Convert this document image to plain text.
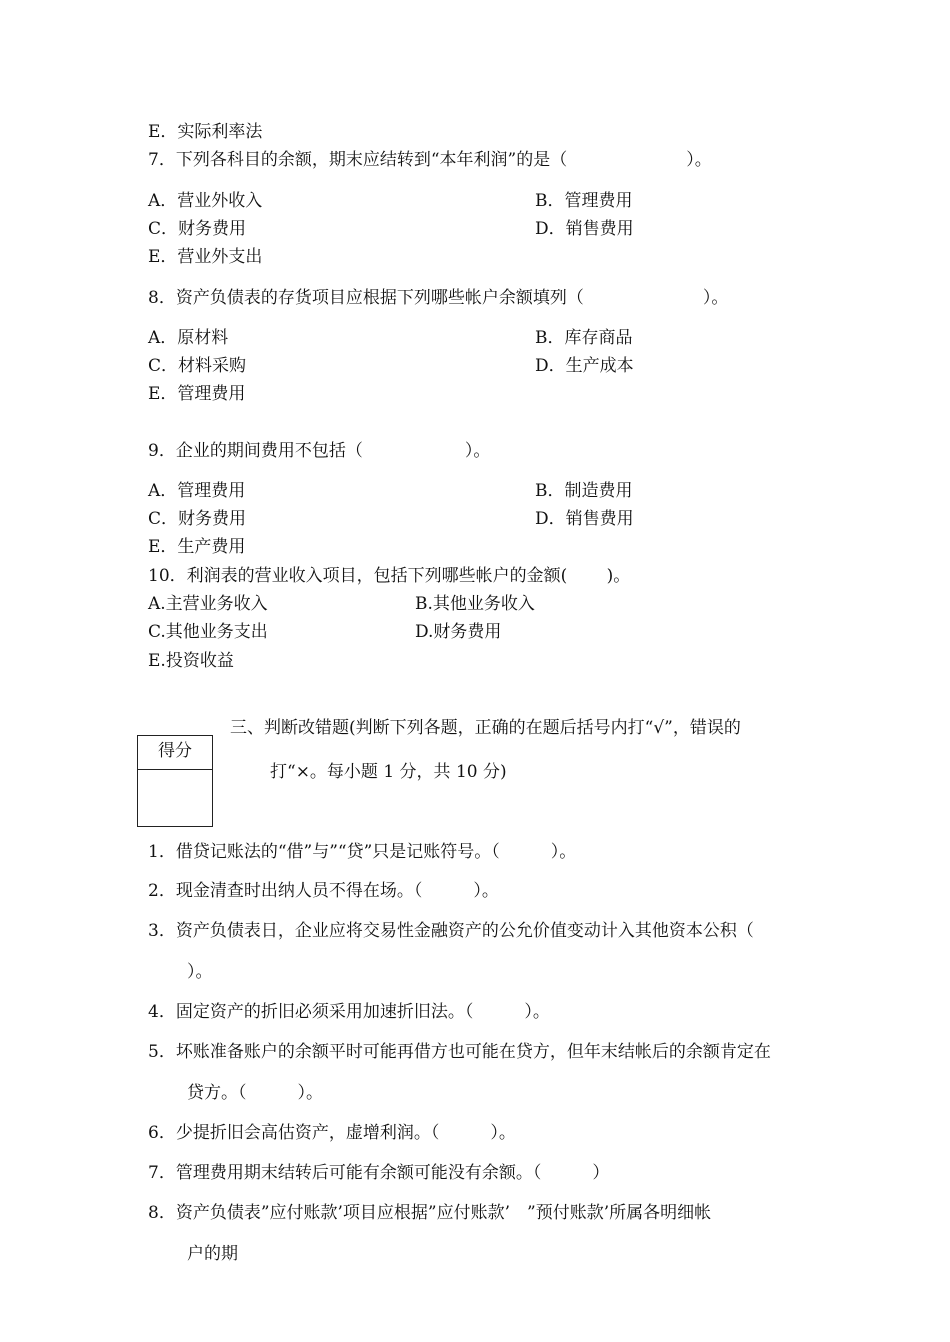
E．实际利率法
7．下列各科目的余额，期末应结转到“本年利润”的是（　　　　　　　）。
A．营业外收入	B．管理费用
C．财务费用	D．销售费用
E．营业外支出
8．资产负债表的存货项目应根据下列哪些帐户余额填列（　　　　　　　）。
A．原材料	B．库存商品
C．材料采购	D．生产成本
E．管理费用
9．企业的期间费用不包括（　　　　　　）。
A．管理费用	B．制造费用
C．财务费用	D．销售费用
E．生产费用
10．利润表的营业收入项目，包括下列哪些帐户的金额(　　 )。
A.主营业务收入	B.其他业务收入
C.其他业务支出	D.财务费用
E.投资收益
三、判断改错题(判断下列各题，正确的在题后括号内打“√”，错误的
打“×。每小题 1 分，共 10 分)
1．借贷记账法的“借”与”“贷”只是记账符号。（　　　）。
2．现金清查时出纳人员不得在场。（　　　）。
3．资产负债表日，企业应将交易性金融资产的公允价值变动计入其他资本公积（
）。
4．固定资产的折旧必须采用加速折旧法。（　　　）。
5．坏账准备账户的余额平时可能再借方也可能在贷方，但年末结帐后的余额肯定在
贷方。（　　　）。
6．少提折旧会高估资产，虚增利润。（　　　）。
7．管理费用期末结转后可能有余额可能没有余额。（　　　）
8．资产负债表”应付账款’项目应根据”应付账款’　”预付账款’所属各明细帐
户的期
得分
